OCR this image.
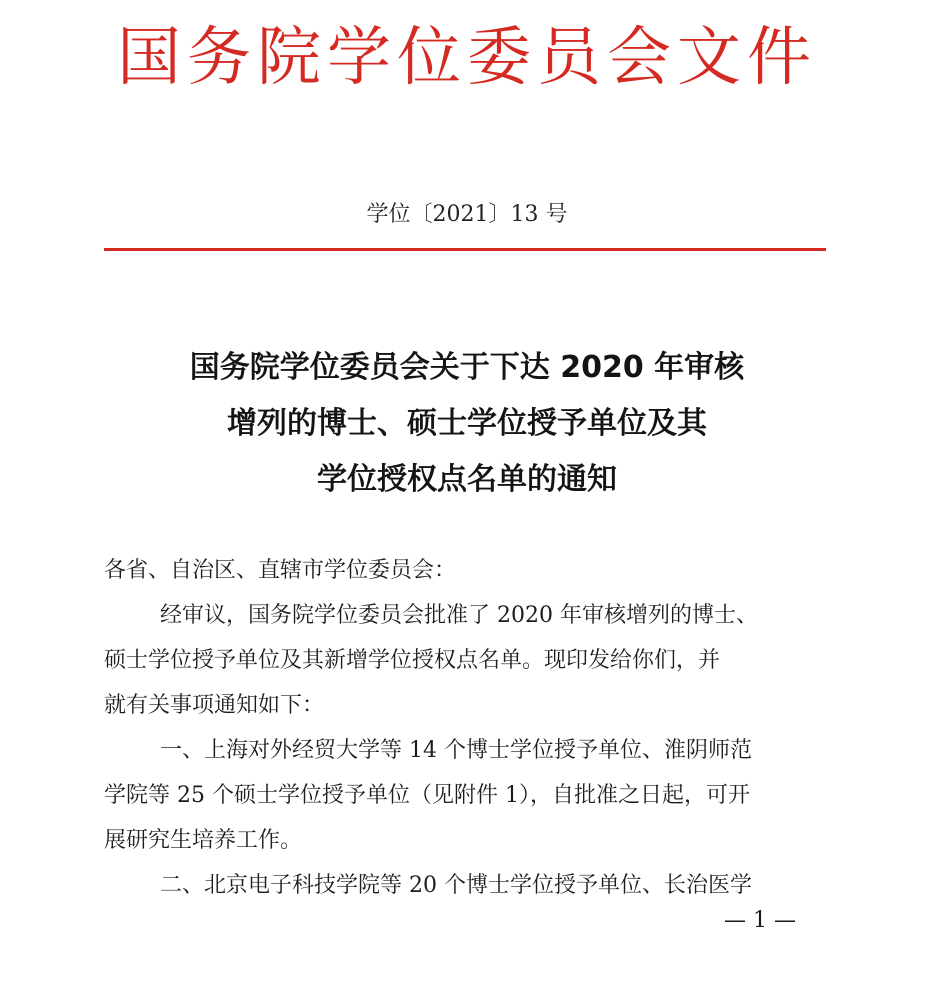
国务院学位委员会文件
学位〔2021〕13 号
国务院学位委员会关于下达 2020 年审核
增列的博士、硕士学位授予单位及其
学位授权点名单的通知
各省、自治区、直辖市学位委员会：
经审议，国务院学位委员会批准了 2020 年审核增列的博士、
硕士学位授予单位及其新增学位授权点名单。现印发给你们，并
就有关事项通知如下：
一、上海对外经贸大学等 14 个博士学位授予单位、淮阴师范
学院等 25 个硕士学位授予单位（见附件 1），自批准之日起，可开
展研究生培养工作。
二、北京电子科技学院等 20 个博士学位授予单位、长治医学
— 1 —
